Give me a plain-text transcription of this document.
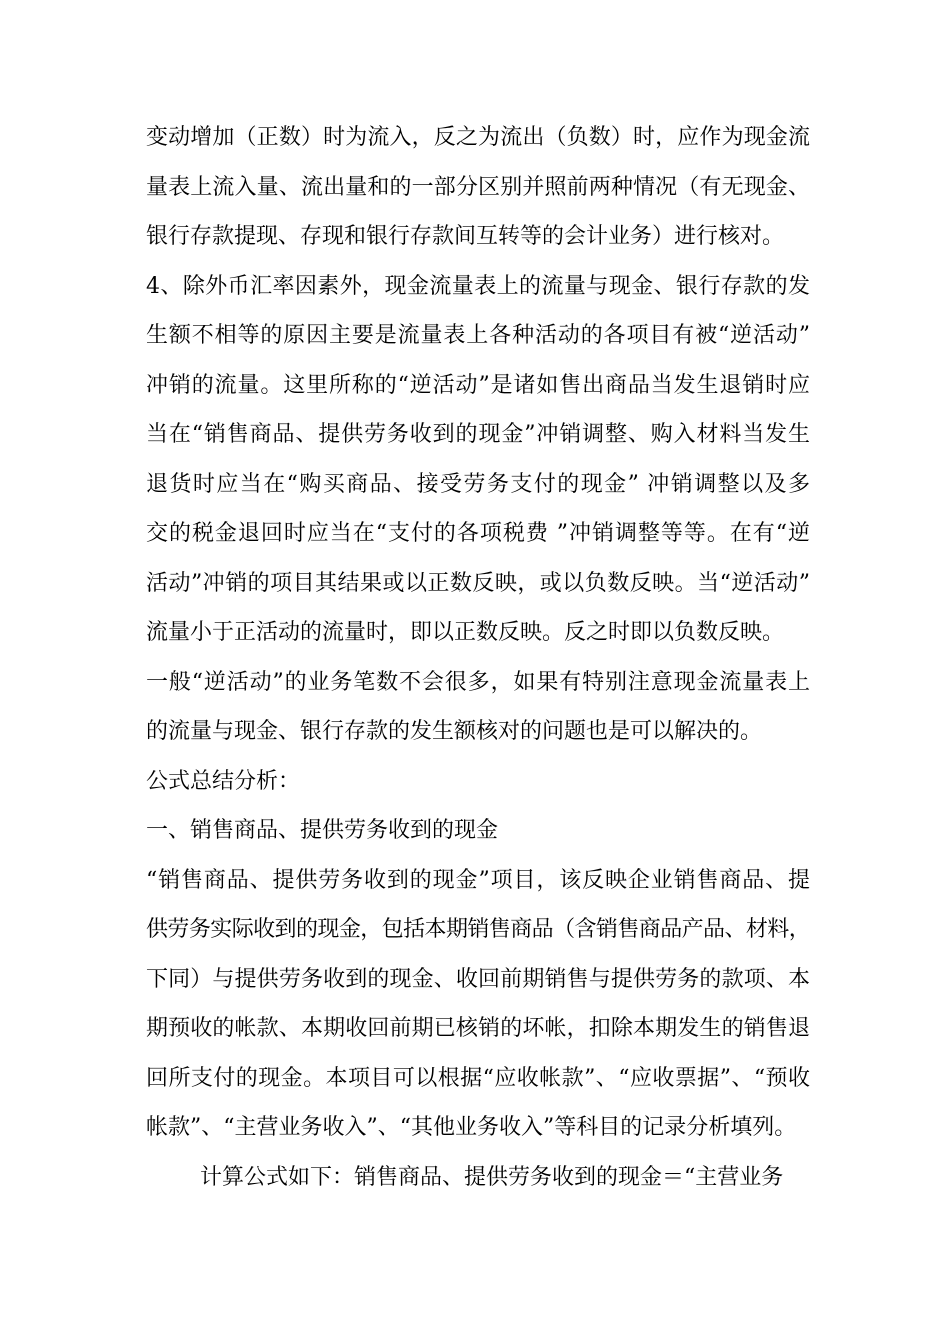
变动增加（正数）时为流入，反之为流出（负数）时，应作为现金流
量表上流入量、流出量和的一部分区别并照前两种情况（有无现金、
银行存款提现、存现和银行存款间互转等的会计业务）进行核对。
4、除外币汇率因素外，现金流量表上的流量与现金、银行存款的发
生额不相等的原因主要是流量表上各种活动的各项目有被“逆活动”
冲销的流量。这里所称的“逆活动”是诸如售出商品当发生退销时应
当在“销售商品、提供劳务收到的现金”冲销调整、购入材料当发生
退货时应当在“购买商品、接受劳务支付的现金” 冲销调整以及多
交的税金退回时应当在“支付的各项税费 ”冲销调整等等。在有“逆
活动”冲销的项目其结果或以正数反映，或以负数反映。当“逆活动”
流量小于正活动的流量时，即以正数反映。反之时即以负数反映。
一般“逆活动”的业务笔数不会很多，如果有特别注意现金流量表上
的流量与现金、银行存款的发生额核对的问题也是可以解决的。
公式总结分析：
一、销售商品、提供劳务收到的现金
“销售商品、提供劳务收到的现金”项目，该反映企业销售商品、提
供劳务实际收到的现金，包括本期销售商品（含销售商品产品、材料，
下同）与提供劳务收到的现金、收回前期销售与提供劳务的款项、本
期预收的帐款、本期收回前期已核销的坏帐，扣除本期发生的销售退
回所支付的现金。本项目可以根据“应收帐款”、“应收票据”、“预收
帐款”、“主营业务收入”、“其他业务收入”等科目的记录分析填列。
计算公式如下：销售商品、提供劳务收到的现金＝“主营业务
